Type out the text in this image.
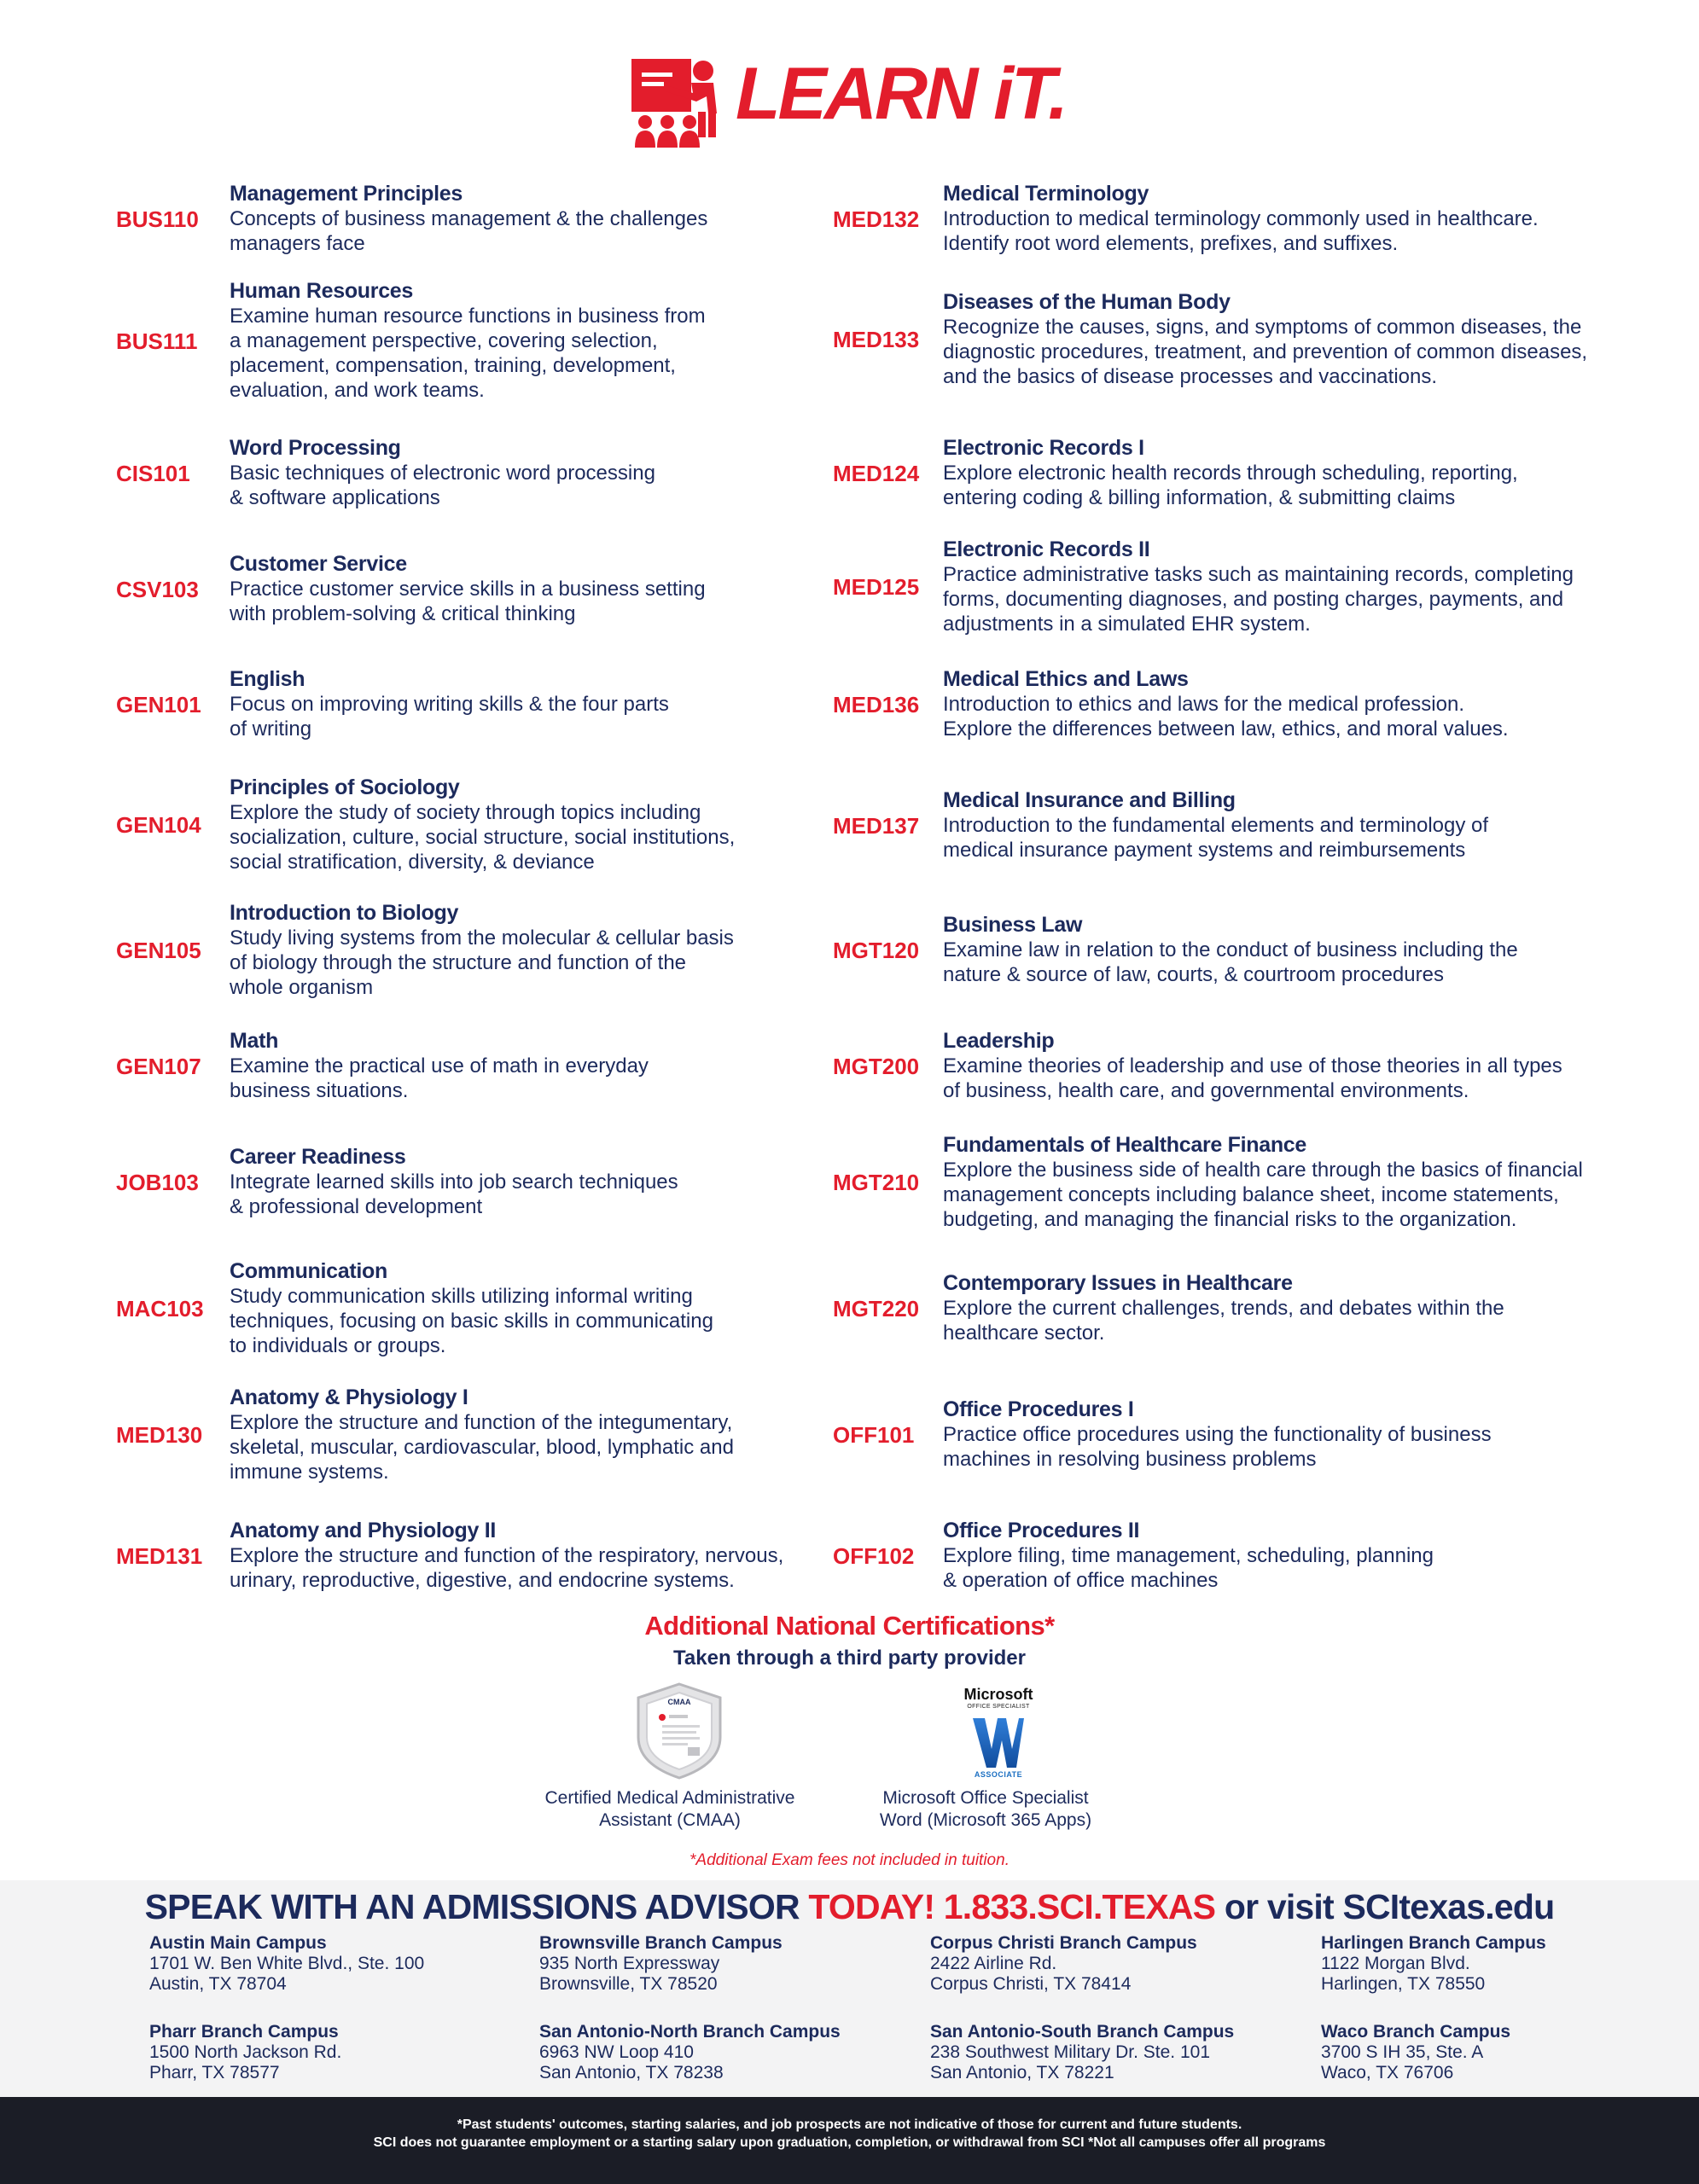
LEARN iT.
BUS110
Management Principles
Concepts of business management & the challenges
managers face
BUS111
Human Resources
Examine human resource functions in business from
a management perspective, covering selection,
placement, compensation, training, development,
evaluation, and work teams.
CIS101
Word Processing
Basic techniques of electronic word processing
& software applications
CSV103
Customer Service
Practice customer service skills in a business setting
with problem-solving & critical thinking
GEN101
English
Focus on improving writing skills & the four parts
of writing
GEN104
Principles of Sociology
Explore the study of society through topics including
socialization, culture, social structure, social institutions,
social stratification, diversity, & deviance
GEN105
Introduction to Biology
Study living systems from the molecular & cellular basis
of biology through the structure and function of the
whole organism
GEN107
Math
Examine the practical use of math in everyday
business situations.
JOB103
Career Readiness
Integrate learned skills into job search techniques
& professional development
MAC103
Communication
Study communication skills utilizing informal writing
techniques, focusing on basic skills in communicating
to individuals or groups.
MED130
Anatomy & Physiology I
Explore the structure and function of the integumentary,
skeletal, muscular, cardiovascular, blood, lymphatic and
immune systems.
MED131
Anatomy and Physiology II
Explore the structure and function of the respiratory, nervous,
urinary, reproductive, digestive, and endocrine systems.
MED132
Medical Terminology
Introduction to medical terminology commonly used in healthcare.
Identify root word elements, prefixes, and suffixes.
MED133
Diseases of the Human Body
Recognize the causes, signs, and symptoms of common diseases, the
diagnostic procedures, treatment, and prevention of common diseases,
and the basics of disease processes and vaccinations.
MED124
Electronic Records I
Explore electronic health records through scheduling, reporting,
entering coding & billing information, & submitting claims
MED125
Electronic Records II
Practice administrative tasks such as maintaining records, completing
forms, documenting diagnoses, and posting charges, payments, and
adjustments in a simulated EHR system.
MED136
Medical Ethics and Laws
Introduction to ethics and laws for the medical profession.
Explore the differences between law, ethics, and moral values.
MED137
Medical Insurance and Billing
Introduction to the fundamental elements and terminology of
medical insurance payment systems and reimbursements
MGT120
Business Law
Examine law in relation to the conduct of business including the
nature & source of law, courts, & courtroom procedures
MGT200
Leadership
Examine theories of leadership and use of those theories in all types
of business, health care, and governmental environments.
MGT210
Fundamentals of Healthcare Finance
Explore the business side of health care through the basics of financial
management concepts including balance sheet, income statements,
budgeting, and managing the financial risks to the organization.
MGT220
Contemporary Issues in Healthcare
Explore the current challenges, trends, and debates within the
healthcare sector.
OFF101
Office Procedures I
Practice office procedures using the functionality of business
machines in resolving business problems
OFF102
Office Procedures II
Explore filing, time management, scheduling, planning
& operation of office machines
Additional National Certifications*
Taken through a third party provider
CMAA	Microsoft
OFFICE SPECIALIST
ASSOCIATE
Certified Medical Administrative
Assistant (CMAA)
Microsoft Office Specialist
Word (Microsoft 365 Apps)
*Additional Exam fees not included in tuition.
SPEAK WITH AN ADMISSIONS ADVISOR TODAY! 1.833.SCI.TEXAS or visit SCItexas.edu
Austin Main Campus
1701 W. Ben White Blvd., Ste. 100
Austin, TX 78704
Brownsville Branch Campus
935 North Expressway
Brownsville, TX 78520
Corpus Christi Branch Campus
2422 Airline Rd.
Corpus Christi, TX 78414
Harlingen Branch Campus
1122 Morgan Blvd.
Harlingen, TX 78550
Pharr Branch Campus
1500 North Jackson Rd.
Pharr, TX 78577
San Antonio-North Branch Campus
6963 NW Loop 410
San Antonio, TX 78238
San Antonio-South Branch Campus
238 Southwest Military Dr. Ste. 101
San Antonio, TX 78221
Waco Branch Campus
3700 S IH 35, Ste. A
Waco, TX 76706
*Past students' outcomes, starting salaries, and job prospects are not indicative of those for current and future students.
SCI does not guarantee employment or a starting salary upon graduation, completion, or withdrawal from SCI *Not all campuses offer all programs
